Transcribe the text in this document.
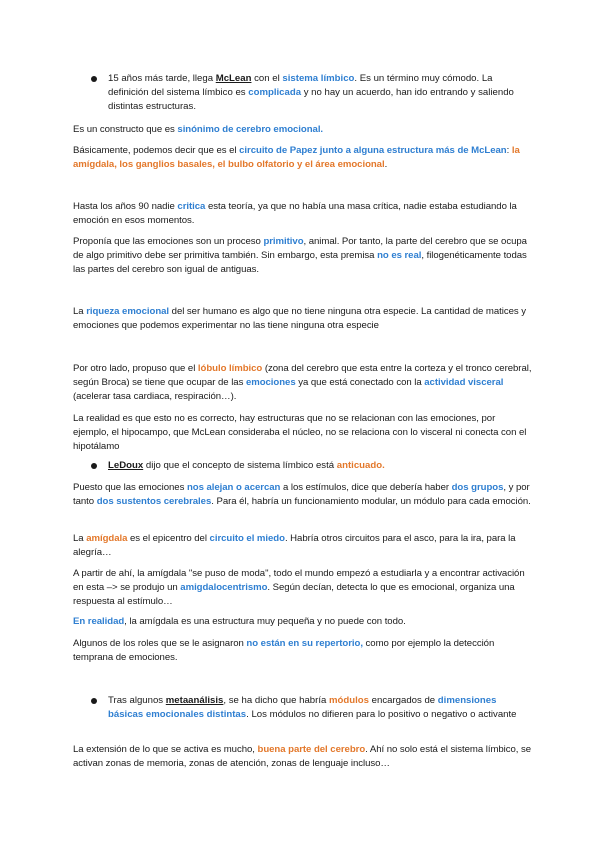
15 años más tarde, llega McLean con el sistema límbico. Es un término muy cómodo. La definición del sistema límbico es complicada y no hay un acuerdo, han ido entrando y saliendo distintas estructuras.

Es un constructo que es sinónimo de cerebro emocional.

Básicamente, podemos decir que es el circuito de Papez junto a alguna estructura más de McLean: la amígdala, los ganglios basales, el bulbo olfatorio y el área emocional.

Hasta los años 90 nadie critica esta teoría, ya que no había una masa crítica, nadie estaba estudiando la emoción en esos momentos.

Proponía que las emociones son un proceso primitivo, animal. Por tanto, la parte del cerebro que se ocupa de algo primitivo debe ser primitiva también. Sin embargo, esta premisa no es real, filogenéticamente todas las partes del cerebro son igual de antiguas.

La riqueza emocional del ser humano es algo que no tiene ninguna otra especie. La cantidad de matices y emociones que podemos experimentar no las tiene ninguna otra especie

Por otro lado, propuso que el lóbulo límbico (zona del cerebro que esta entre la corteza y el tronco cerebral, según Broca) se tiene que ocupar de las emociones ya que está conectado con la actividad visceral (acelerar tasa cardiaca, respiración…).

La realidad es que esto no es correcto, hay estructuras que no se relacionan con las emociones, por ejemplo, el hipocampo, que McLean consideraba el núcleo, no se relaciona con lo visceral ni conecta con el hipotálamo

LeDoux dijo que el concepto de sistema límbico está anticuado.

Puesto que las emociones nos alejan o acercan a los estímulos, dice que debería haber dos grupos, y por tanto dos sustentos cerebrales. Para él, habría un funcionamiento modular, un módulo para cada emoción.

La amígdala es el epicentro del circuito el miedo. Habría otros circuitos para el asco, para la ira, para la alegría…

A partir de ahí, la amígdala "se puso de moda", todo el mundo empezó a estudiarla y a encontrar activación en esta –> se produjo un amigdalocentrismo. Según decían, detecta lo que es emocional, organiza una respuesta al estímulo…

En realidad, la amígdala es una estructura muy pequeña y no puede con todo.

Algunos de los roles que se le asignaron no están en su repertorio, como por ejemplo la detección temprana de emociones.

Tras algunos metaanálisis, se ha dicho que habría módulos encargados de dimensiones básicas emocionales distintas. Los módulos no difieren para lo positivo o negativo o activante

La extensión de lo que se activa es mucho, buena parte del cerebro. Ahí no solo está el sistema límbico, se activan zonas de memoria, zonas de atención, zonas de lenguaje incluso…
